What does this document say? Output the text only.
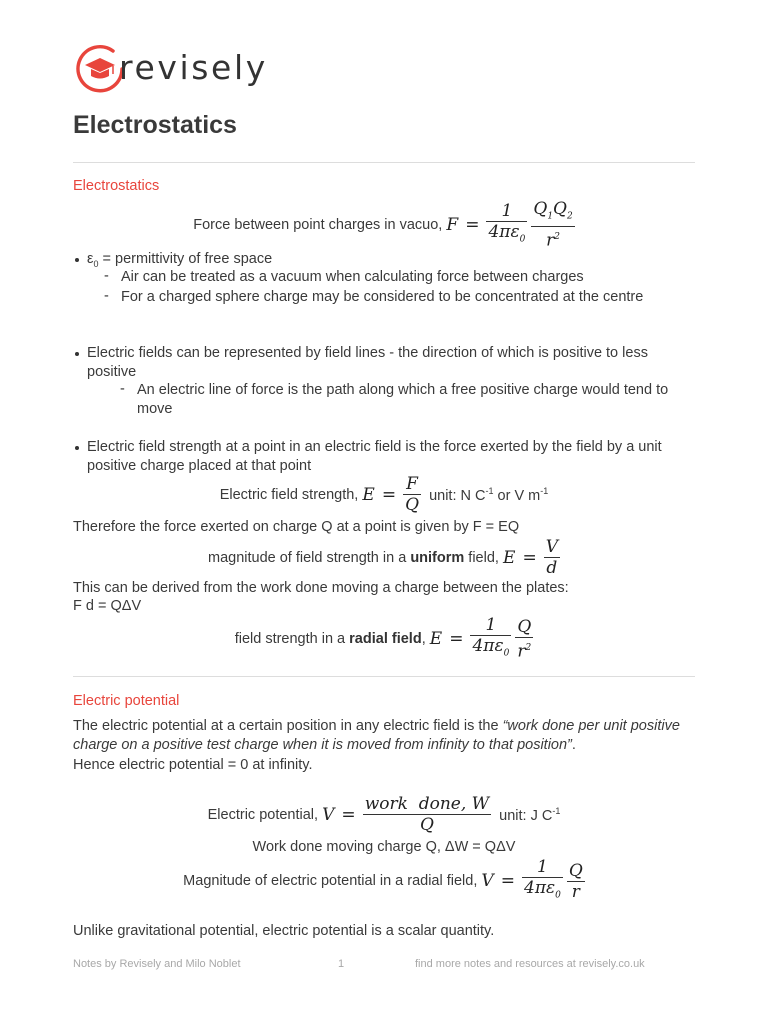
revisely
Electrostatics
Electrostatics
Force between point charges in vacuo, $F = \frac{1}{4\pi\varepsilon_0}$
$\frac{Q_1Q_2}{r^2}$
$\varepsilon_0$ = permittivity of free space
- Air can be treated as a vacuum when calculating force between charges
- For a charged sphere charge may be considered to be concentrated at the centre
Electric fields can be represented by field lines - the direction of which is positive to less positive
- An electric line of force is the path along which a free positive charge would tend to move
Electric field strength at a point in an electric field is the force exerted by the field by a unit positive charge placed at that point
Electric field strength, $E = \frac{F}{Q}$ unit: N $C^{-1}$ or V $m^{-1}$
Therefore the force exerted on charge Q at a point is given by F = EQ
magnitude of field strength in a uniform field, $E = \frac{V}{d}$
This can be derived from the work done moving a charge between the plates:
F d = QΔV
field strength in a radial field, $E = \frac{1}{4\pi\varepsilon_0}$
$\frac{Q}{r^2}$
Electric potential
The electric potential at a certain position in any electric field is the “work done per unit positive charge on a positive test charge when it is moved from infinity to that position”.
Hence electric potential = 0 at infinity.
Electric potential, $V = \frac{\text{work  done, W}}{Q}$ unit: J $C^{-1}$
Work done moving charge Q, ΔW = QΔV
Magnitude of electric potential in a radial field, $V = \frac{1}{4\pi\varepsilon_0}$
$\frac{Q}{r}$
Unlike gravitational potential, electric potential is a scalar quantity.
Notes by Revisely and Milo Noblet	1	find more notes and resources at revisely.co.uk
